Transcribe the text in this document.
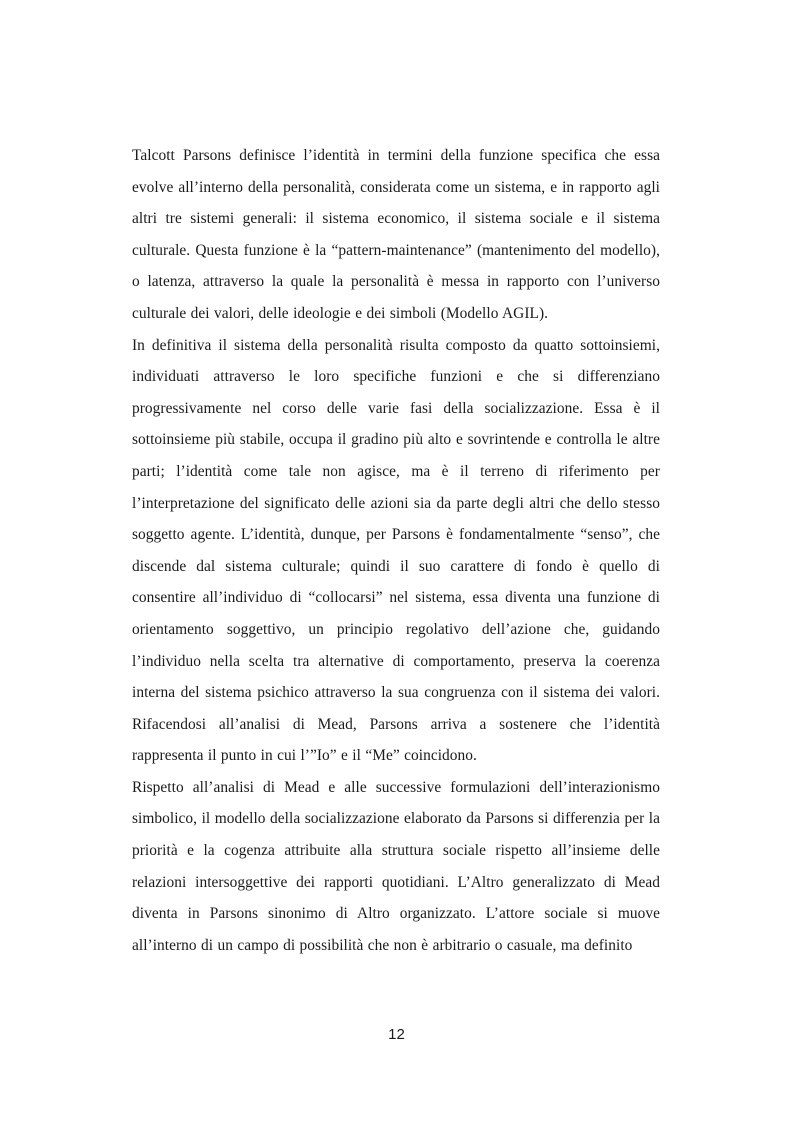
Talcott Parsons definisce l’identità in termini della funzione specifica che essa evolve all’interno della personalità, considerata come un sistema, e in rapporto agli altri tre sistemi generali: il sistema economico, il sistema sociale e il sistema culturale. Questa funzione è la “pattern-maintenance” (mantenimento del modello), o latenza, attraverso la quale la personalità è messa in rapporto con l’universo culturale dei valori, delle ideologie e dei simboli (Modello AGIL).

In definitiva il sistema della personalità risulta composto da quatto sottoinsiemi, individuati attraverso le loro specifiche funzioni e che si differenziano progressivamente nel corso delle varie fasi della socializzazione. Essa è il sottoinsieme più stabile, occupa il gradino più alto e sovrintende e controlla le altre parti; l’identità come tale non agisce, ma è il terreno di riferimento per l’interpretazione del significato delle azioni sia da parte degli altri che dello stesso soggetto agente. L’identità, dunque, per Parsons è fondamentalmente “senso”, che discende dal sistema culturale; quindi il suo carattere di fondo è quello di consentire all’individuo di “collocarsi” nel sistema, essa diventa una funzione di orientamento soggettivo, un principio regolativo dell’azione che, guidando l’individuo nella scelta tra alternative di comportamento, preserva la coerenza interna del sistema psichico attraverso la sua congruenza con il sistema dei valori. Rifacendosi all’analisi di Mead, Parsons arriva a sostenere che l’identità rappresenta il punto in cui l’”Io” e il “Me” coincidono.

Rispetto all’analisi di Mead e alle successive formulazioni dell’interazionismo simbolico, il modello della socializzazione elaborato da Parsons si differenzia per la priorità e la cogenza attribuite alla struttura sociale rispetto all’insieme delle relazioni intersoggettive dei rapporti quotidiani. L’Altro generalizzato di Mead diventa in Parsons sinonimo di Altro organizzato. L’attore sociale si muove all’interno di un campo di possibilità che non è arbitrario o casuale, ma definito

12
